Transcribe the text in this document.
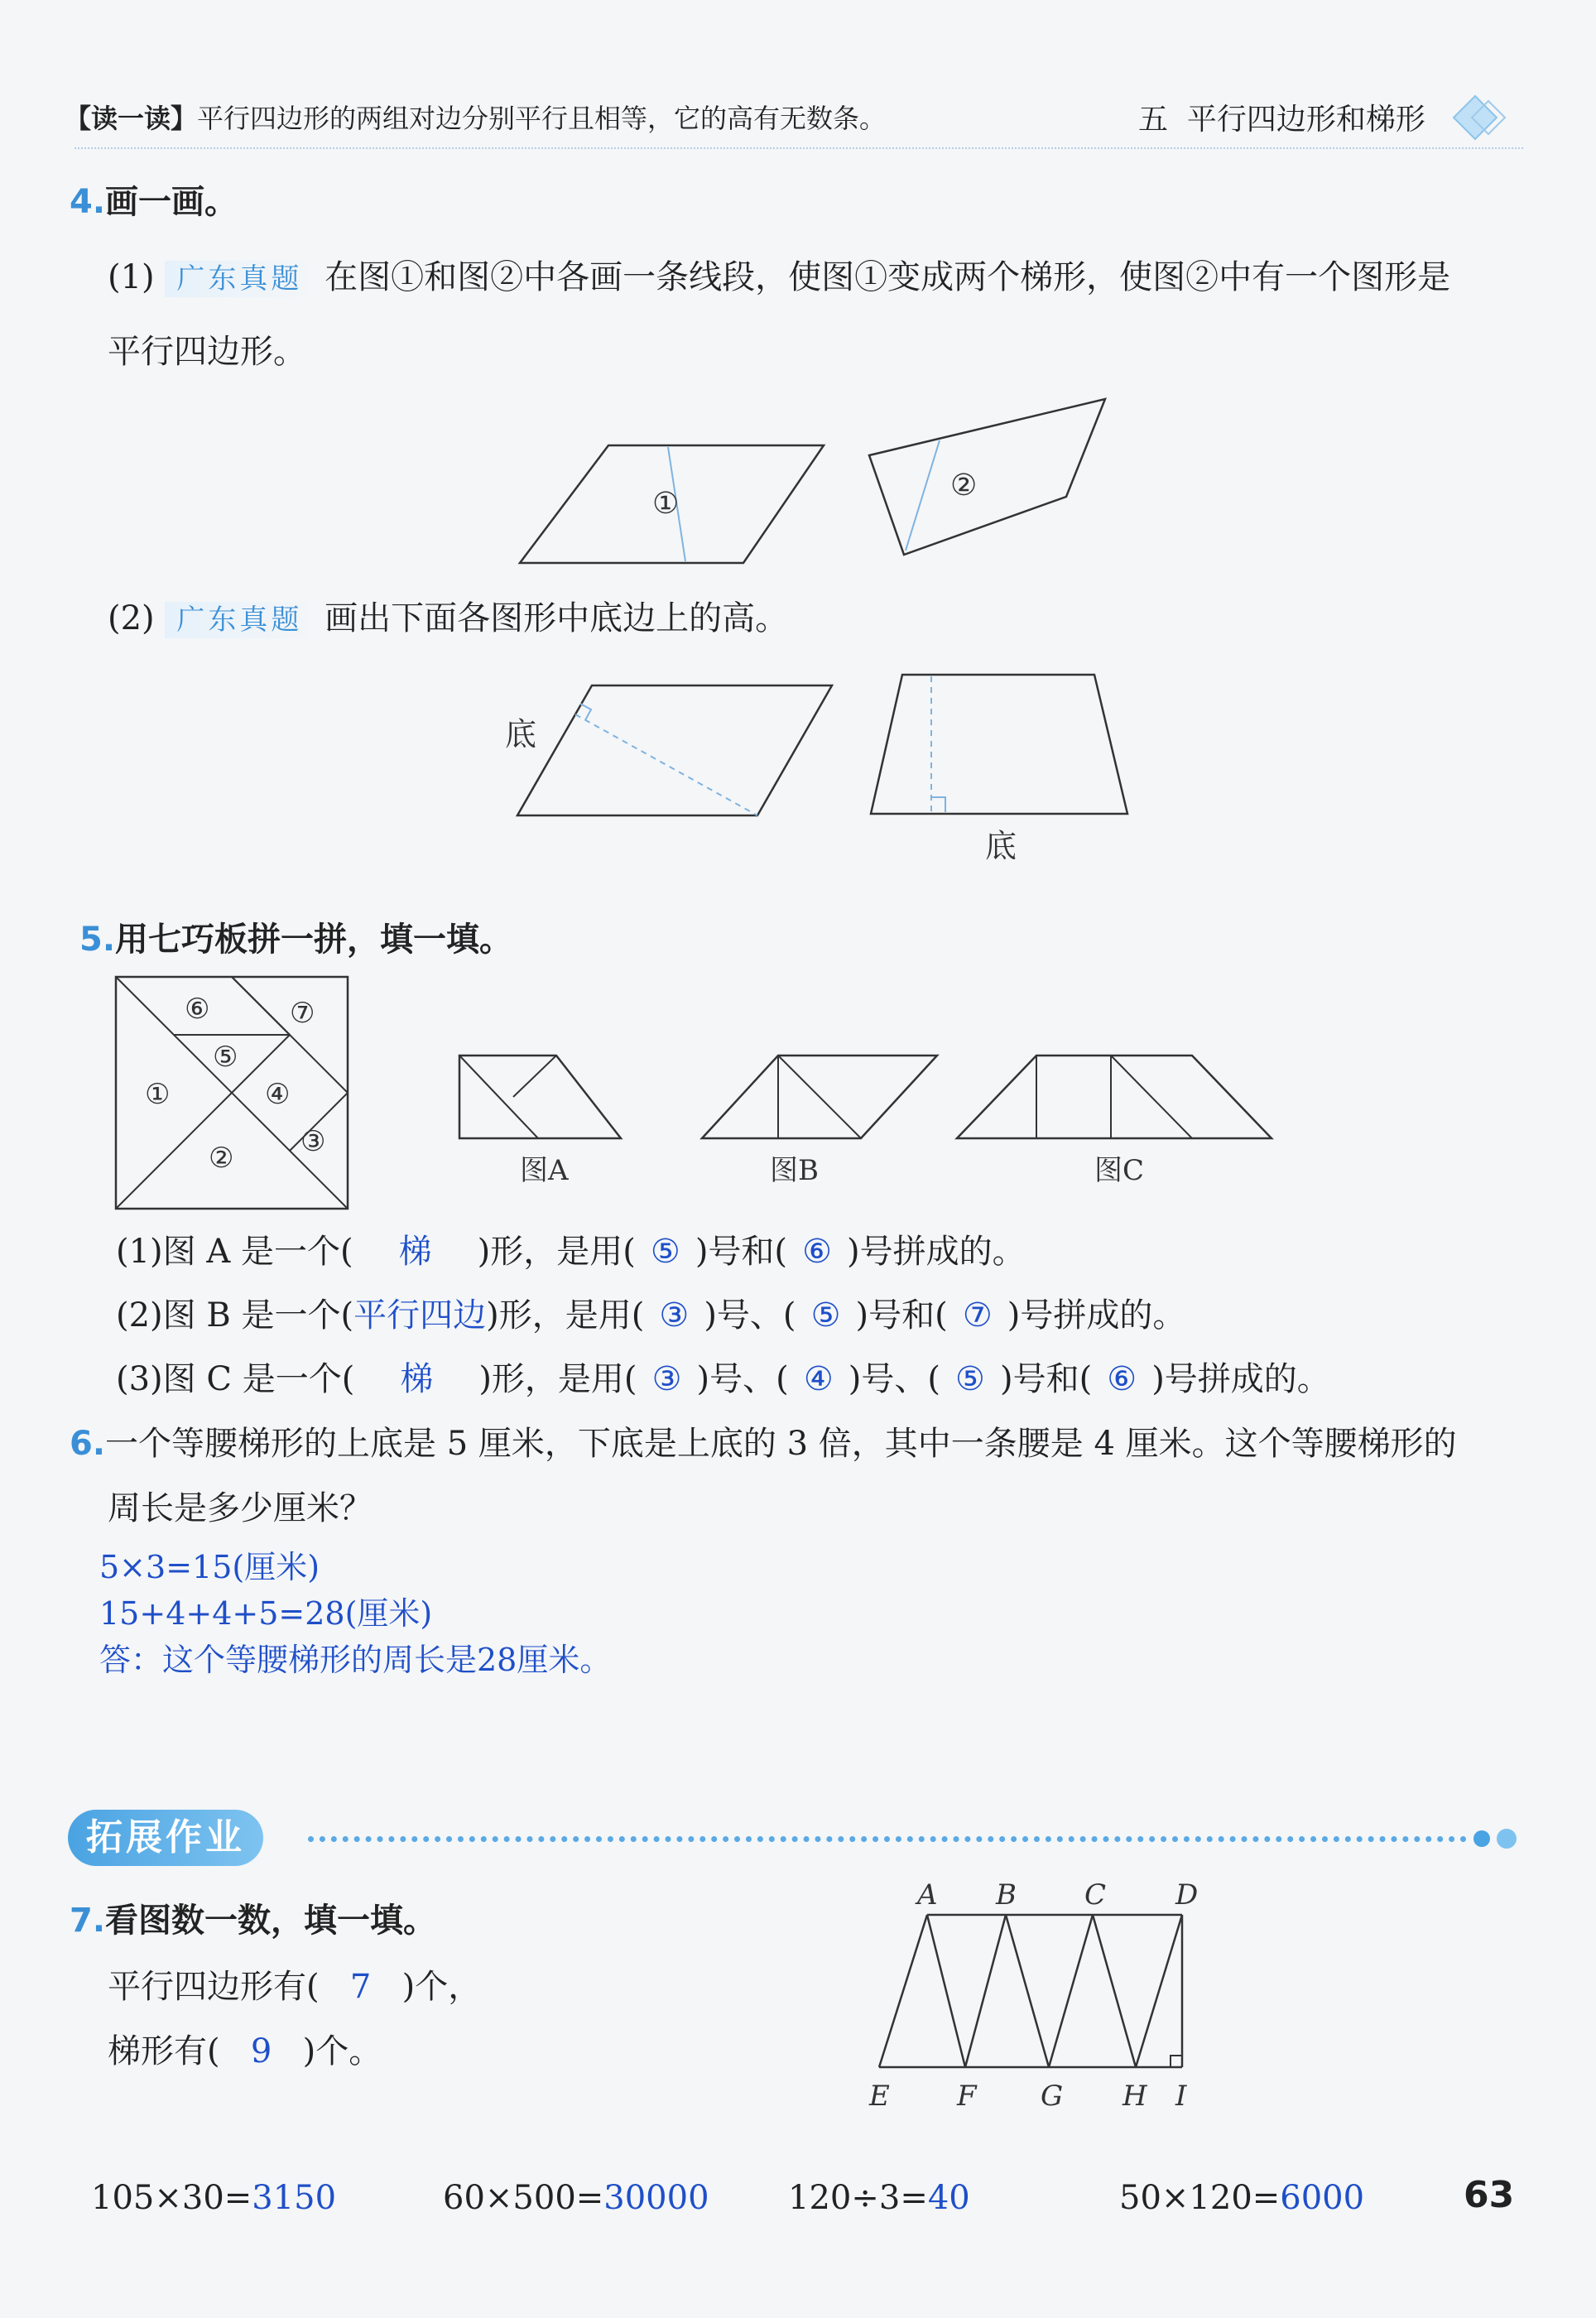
【读一读】平行四边形的两组对边分别平行且相等，它的高有无数条。	五 平行四边形和梯形
4.画一画。
(1) 广东真题 在图①和图②中各画一条线段，使图①变成两个梯形，使图②中有一个图形是
平行四边形。
①
②
(2) 广东真题 画出下面各图形中底边上的高。
底
底
5.用七巧板拼一拼，填一填。
⑥	⑦
⑤
①	④
② ③
图A	图B	图C
(1)图 A 是一个( 梯 )形，是用( ⑤ )号和( ⑥ )号拼成的。
(2)图 B 是一个(平行四边)形，是用( ③ )号、( ⑤ )号和( ⑦ )号拼成的。
(3)图 C 是一个( 梯 )形，是用( ③ )号、( ④ )号、( ⑤ )号和( ⑥ )号拼成的。
6.一个等腰梯形的上底是 5 厘米，下底是上底的 3 倍，其中一条腰是 4 厘米。这个等腰梯形的
周长是多少厘米？
5×3=15(厘米)
15+4+4+5=28(厘米)
答：这个等腰梯形的周长是28厘米。
拓展作业
7.看图数一数，填一填。
平行四边形有( 7 )个，
梯形有( 9 )个。
A B C D
E F G H I
105×30=3150	60×500=30000 120÷3=40	50×120=6000	63
